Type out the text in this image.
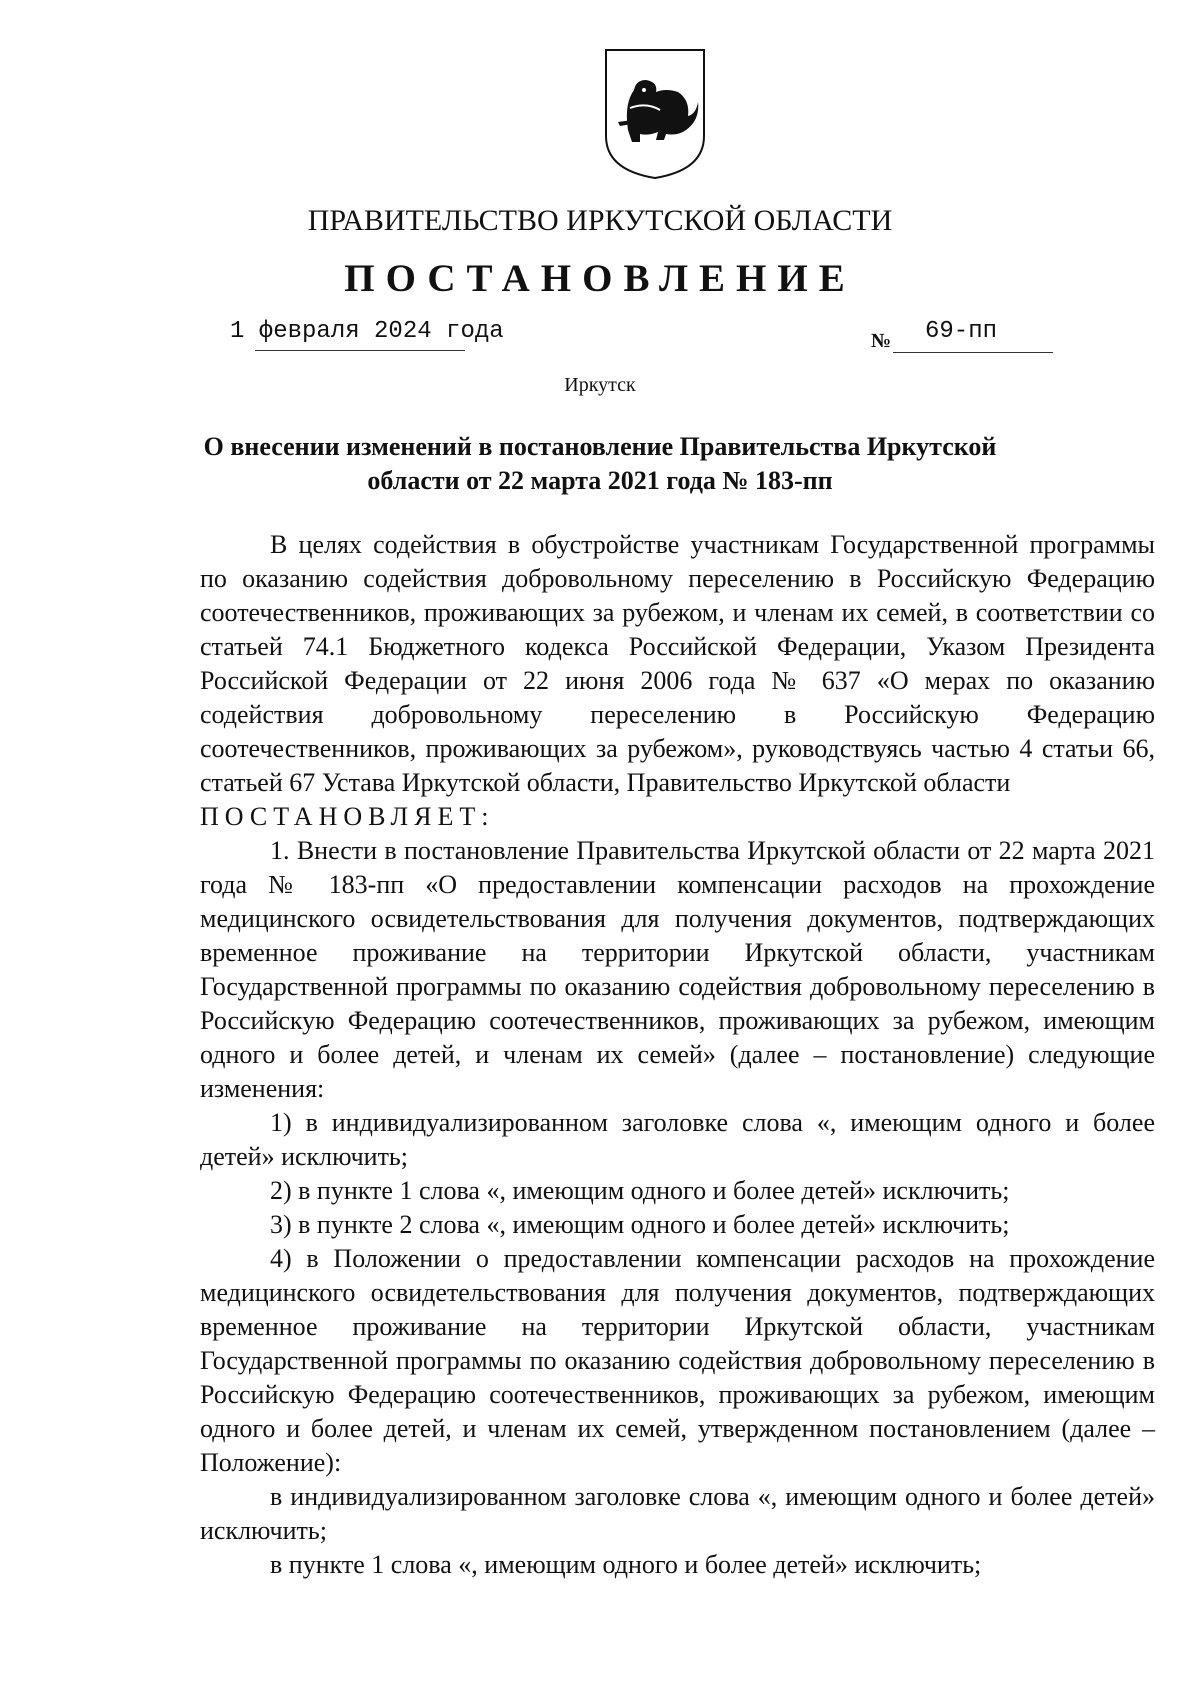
ПРАВИТЕЛЬСТВО ИРКУТСКОЙ ОБЛАСТИ
ПОСТАНОВЛЕНИЕ
1 февраля 2024 года	№ 69-пп
Иркутск
О внесении изменений в постановление Правительства Иркутской
области от 22 марта 2021 года № 183-пп

В целях содействия в обустройстве участникам Государственной программы по оказанию содействия добровольному переселению в Российскую Федерацию соотечественников, проживающих за рубежом, и членам их семей, в соответствии со статьей 74.1 Бюджетного кодекса Российской Федерации, Указом Президента Российской Федерации от 22 июня 2006 года № 637 «О мерах по оказанию содействия добровольному переселению в Российскую Федерацию соотечественников, проживающих за рубежом», руководствуясь частью 4 статьи 66, статьей 67 Устава Иркутской области, Правительство Иркутской области

ПОСТАНОВЛЯЕТ:

1. Внести в постановление Правительства Иркутской области от 22 марта 2021 года № 183-пп «О предоставлении компенсации расходов на прохождение медицинского освидетельствования для получения документов, подтверждающих временное проживание на территории Иркутской области, участникам Государственной программы по оказанию содействия добровольному переселению в Российскую Федерацию соотечественников, проживающих за рубежом, имеющим одного и более детей, и членам их семей» (далее – постановление) следующие изменения:

1) в индивидуализированном заголовке слова «, имеющим одного и более детей» исключить;

2) в пункте 1 слова «, имеющим одного и более детей» исключить;

3) в пункте 2 слова «, имеющим одного и более детей» исключить;

4) в Положении о предоставлении компенсации расходов на прохождение медицинского освидетельствования для получения документов, подтверждающих временное проживание на территории Иркутской области, участникам Государственной программы по оказанию содействия добровольному переселению в Российскую Федерацию соотечественников, проживающих за рубежом, имеющим одного и более детей, и членам их семей, утвержденном постановлением (далее – Положение):

в индивидуализированном заголовке слова «, имеющим одного и более детей» исключить;

в пункте 1 слова «, имеющим одного и более детей» исключить;
